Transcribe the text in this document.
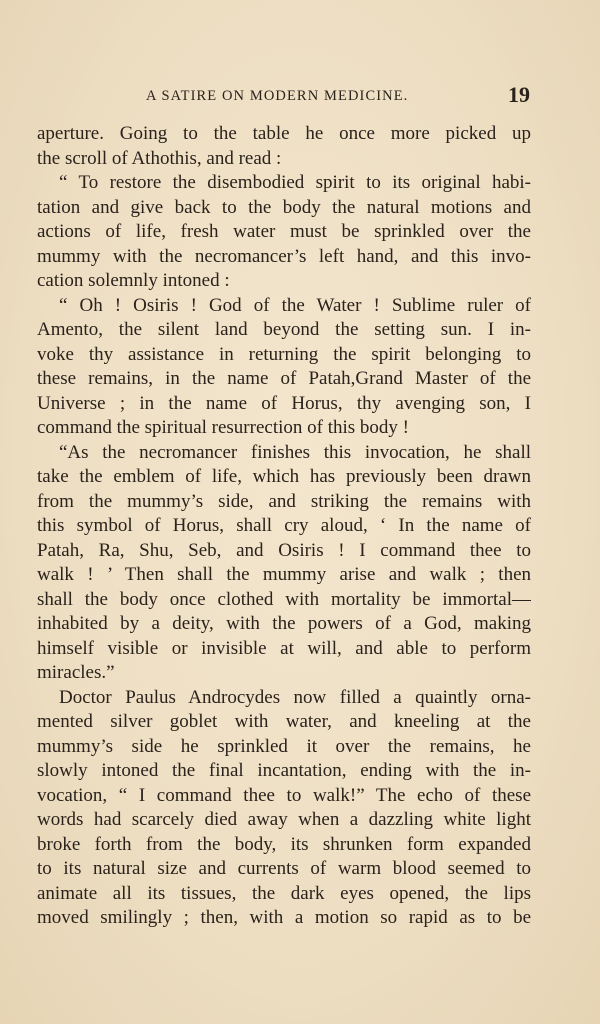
A SATIRE ON MODERN MEDICINE.	19
aperture. Going to the table he once more picked up
the scroll of Athothis, and read :
“ To restore the disembodied spirit to its original habi-
tation and give back to the body the natural motions and
actions of life, fresh water must be sprinkled over the
mummy with the necromancer’s left hand, and this invo-
cation solemnly intoned :
“ Oh ! Osiris ! God of the Water ! Sublime ruler of
Amento, the silent land beyond the setting sun. I in-
voke thy assistance in returning the spirit belonging to
these remains, in the name of Patah,Grand Master of the
Universe ; in the name of Horus, thy avenging son, I
command the spiritual resurrection of this body !
“As the necromancer finishes this invocation, he shall
take the emblem of life, which has previously been drawn
from the mummy’s side, and striking the remains with
this symbol of Horus, shall cry aloud, ‘ In the name of
Patah, Ra, Shu, Seb, and Osiris ! I command thee to
walk ! ’ Then shall the mummy arise and walk ; then
shall the body once clothed with mortality be immortal—
inhabited by a deity, with the powers of a God, making
himself visible or invisible at will, and able to perform
miracles.”
Doctor Paulus Androcydes now filled a quaintly orna-
mented silver goblet with water, and kneeling at the
mummy’s side he sprinkled it over the remains, he
slowly intoned the final incantation, ending with the in-
vocation, “ I command thee to walk!” The echo of these
words had scarcely died away when a dazzling white light
broke forth from the body, its shrunken form expanded
to its natural size and currents of warm blood seemed to
animate all its tissues, the dark eyes opened, the lips
moved smilingly ; then, with a motion so rapid as to be
